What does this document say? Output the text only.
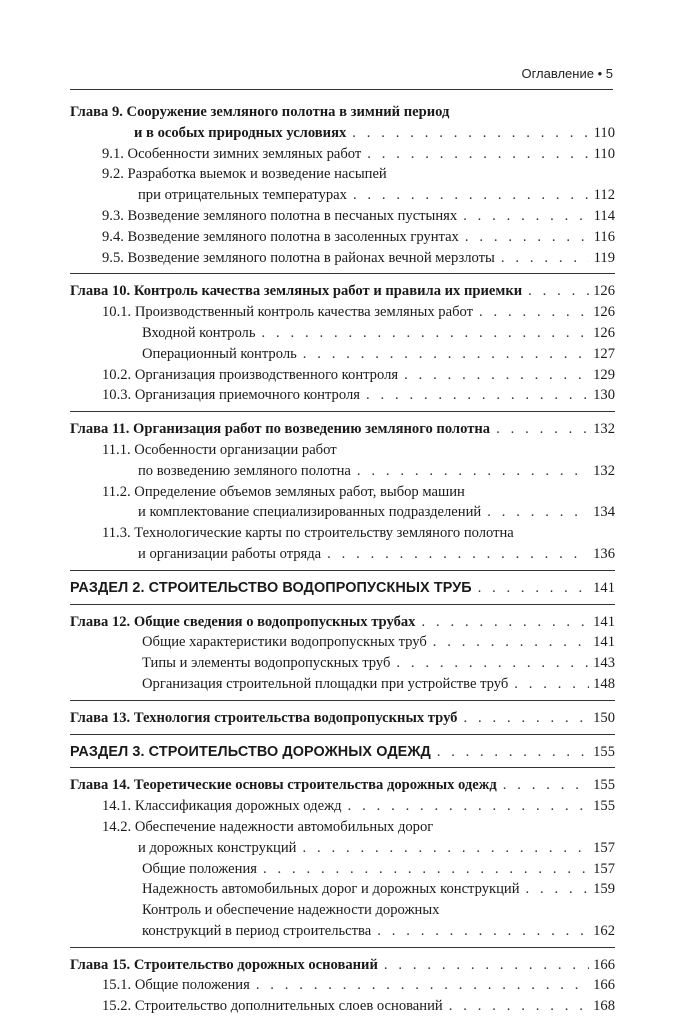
Оглавление • 5
Глава 9. Сооружение земляного полотна в зимний период
и в особых природных условиях . . .	110
9.1. Особенности зимних земляных работ . . .	110
9.2. Разработка выемок и возведение насыпей
при отрицательных температурах . . .	112
9.3. Возведение земляного полотна в песчаных пустынях . . .	114
9.4. Возведение земляного полотна в засоленных грунтах . . .	116
9.5. Возведение земляного полотна в районах вечной мерзлоты . . .	119
Глава 10. Контроль качества земляных работ и правила их приемки . . .	126
10.1. Производственный контроль качества земляных работ . . .	126
Входной контроль . . .	126
Операционный контроль . . .	127
10.2. Организация производственного контроля . . .	129
10.3. Организация приемочного контроля . . .	130
Глава 11. Организация работ по возведению земляного полотна . . .	132
11.1. Особенности организации работ
по возведению земляного полотна . . .	132
11.2. Определение объемов земляных работ, выбор машин
и комплектование специализированных подразделений . . .	134
11.3. Технологические карты по строительству земляного полотна
и организации работы отряда . . .	136
РАЗДЕЛ 2. СТРОИТЕЛЬСТВО ВОДОПРОПУСКНЫХ ТРУБ . . .	141
Глава 12. Общие сведения о водопропускных трубах . . .	141
Общие характеристики водопропускных труб . . .	141
Типы и элементы водопропускных труб . . .	143
Организация строительной площадки при устройстве труб . . .	148
Глава 13. Технология строительства водопропускных труб . . .	150
РАЗДЕЛ 3. СТРОИТЕЛЬСТВО ДОРОЖНЫХ ОДЕЖД . . .	155
Глава 14. Теоретические основы строительства дорожных одежд . . .	155
14.1. Классификация дорожных одежд . . .	155
14.2. Обеспечение надежности автомобильных дорог
и дорожных конструкций . . .	157
Общие положения . . .	157
Надежность автомобильных дорог и дорожных конструкций . . .	159
Контроль и обеспечение надежности дорожных
конструкций в период строительства . . .	162
Глава 15. Строительство дорожных оснований . . .	166
15.1. Общие положения . . .	166
15.2. Строительство дополнительных слоев оснований . . .	168
